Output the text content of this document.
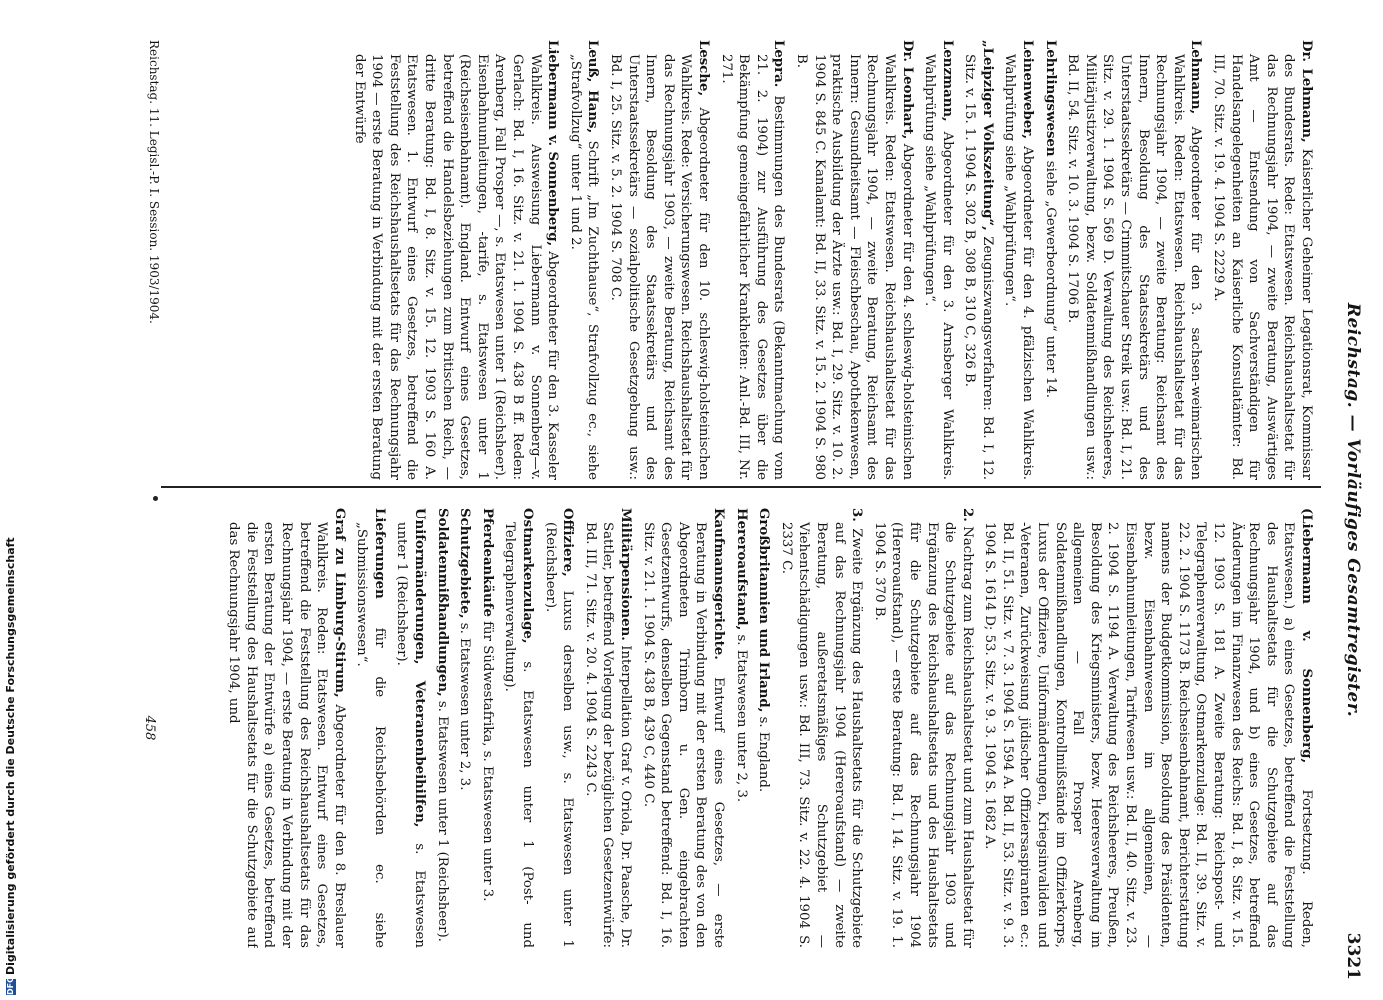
DFGDigitalisierung gefördert durch die Deutsche Forschungsgemeinschaft
Reichstag. — Vorläufiges Gesamtregister.
3321

Dr. Lehmann, Kaiserlicher Geheimer Legationsrat, Kommissar des Bundesrats. Rede: Etatswesen. Reichshaushaltsetat für das Rechnungsjahr 1904, — zweite Beratung, Auswärtiges Amt — Entsendung von Sachverständigen für Handelsangelegenheiten an Kaiserliche Konsulatämter: Bd. III, 70. Sitz. v. 19. 4. 1904 S. 2229 A.

Lehmann, Abgeordneter für den 3. sachsen-weimarischen Wahlkreis. Reden: Etatswesen. Reichshaushaltsetat für das Rechnungsjahr 1904, — zweite Beratung: Reichsamt des Innern, Besoldung des Staatssekretärs und des Unterstaatssekretärs — Crimmitschauer Streik usw.: Bd. I, 21. Sitz. v. 29. 1. 1904 S. 569 D. Verwaltung des Reichsheeres, Militärjustizverwaltung, bezw. Soldatenmißhandlungen usw.: Bd. II, 54. Sitz. v. 10. 3. 1904 S. 1706 B.

Lehrlingswesen siehe „Gewerbeordnung“ unter 14.

Leinenweber, Abgeordneter für den 4. pfälzischen Wahlkreis. Wahlprüfung siehe „Wahlprüfungen“.

„Leipziger Volkszeitung“, Zeugniszwangsverfahren: Bd. I, 12. Sitz. v. 15. 1. 1904 S. 302 B, 308 B, 310 C, 326 B.

Lenzmann, Abgeordneter für den 3. Arnsberger Wahlkreis. Wahlprüfung siehe „Wahlprüfungen“.

Dr. Leonhart, Abgeordneter für den 4. schleswig-holsteinischen Wahlkreis. Reden: Etatswesen. Reichshaushaltsetat für das Rechnungsjahr 1904, — zweite Beratung, Reichsamt des Innern: Gesundheitsamt — Fleischbeschau, Apothekenwesen, praktische Ausbildung der Ärzte usw.: Bd. I, 29. Sitz. v. 10. 2. 1904 S. 845 C. Kanalamt: Bd. II, 33. Sitz. v. 15. 2. 1904 S. 980 B.

Lepra. Bestimmungen des Bundesrats (Bekanntmachung vom 21. 2. 1904) zur Ausführung des Gesetzes über die Bekämpfung gemeingefährlicher Krankheiten: Anl.-Bd. III, Nr. 271.

Lesche, Abgeordneter für den 10. schleswig-holsteinischen Wahlkreis. Rede: Versicherungswesen. Reichshaushaltsetat für das Rechnungsjahr 1903, — zweite Beratung, Reichsamt des Innern, Besoldung des Staatssekretärs und des Unterstaatssekretärs — sozialpolitische Gesetzgebung usw.: Bd. I, 25. Sitz. v. 5. 2. 1904 S. 708 C.

Leuß, Hans, Schrift „Im Zuchthause“, Strafvollzug ec., siehe „Strafvollzug“ unter 1 und 2.

Liebermann v. Sonnenberg, Abgeordneter für den 3. Kasseler Wahlkreis. Ausweisung Liebermann v. Sonnenberg—v. Gerlach: Bd. I, 16. Sitz. v. 21. 1. 1904 S. 438 B ff. Reden: Arenberg, Fall Prosper —, s. Etatswesen unter 1 (Reichsheer). Eisenbahnumleitungen, -tarife, s. Etatswesen unter 1 (Reichseisenbahnamt). England. Entwurf eines Gesetzes, betreffend die Handelsbeziehungen zum Britischen Reich, — dritte Beratung: Bd. I, 8. Sitz. v. 15. 12. 1903 S. 160 A. Etatswesen. 1. Entwurf eines Gesetzes, betreffend die Feststellung des Reichshaushaltsetats für das Rechnungsjahr 1904 — erste Beratung in Verbindung mit der ersten Beratung der Entwürfe

(Liebermann v. Sonnenberg, Fortsetzung. Reden, Etatswesen.) a) eines Gesetzes, betreffend die Feststellung des Haushaltsetats für die Schutzgebiete auf das Rechnungsjahr 1904, und b) eines Gesetzes, betreffend Änderungen im Finanzwesen des Reichs: Bd. I, 8. Sitz. v. 15. 12. 1903 S. 181 A. Zweite Beratung: Reichspost- und Telegraphenverwaltung, Ostmarkenzulage: Bd. II, 39. Sitz. v. 22. 2. 1904 S. 1173 B. Reichseisenbahnamt, Berichterstattung namens der Budgetkommission, Besoldung des Präsidenten, bezw. Eisenbahnwesen im allgemeinen, — Eisenbahnumleitungen, Tarifwesen usw.: Bd. II, 40. Sitz. v. 23. 2. 1904 S. 1194 A. Verwaltung des Reichsheeres, Preußen, Besoldung des Kriegsministers, bezw. Heeresverwaltung im allgemeinen — Fall Prosper Arenberg, Soldatenmißhandlungen, Kontrollmißstände im Offizierkorps, Luxus der Offiziere, Uniformänderungen, Kriegsinvaliden und -Veteranen, Zurückweisung jüdischer Offiziersaspiranten ec.: Bd. II, 51. Sitz. v. 7. 3. 1904 S. 1594 A. Bd. II, 53. Sitz. v. 9. 3. 1904 S. 1614 D; 53. Sitz. v. 9. 3. 1904 S. 1682 A.

2. Nachtrag zum Reichshaushaltsetat und zum Haushaltsetat für die Schutzgebiete auf das Rechnungsjahr 1903 und Ergänzung des Reichshaushaltsetats und des Haushaltsetats für die Schutzgebiete auf das Rechnungsjahr 1904 (Hereroaufstand), — erste Beratung: Bd. I, 14. Sitz. v. 19. 1. 1904 S. 370 B.

3. Zweite Ergänzung des Haushaltsetats für die Schutzgebiete auf das Rechnungsjahr 1904 (Hereroaufstand) — zweite Beratung, außeretatsmäßiges Schutzgebiet — Viehentschädigungen usw.: Bd. III, 73. Sitz. v. 22. 4. 1904 S. 2337 C.

Großbritannien und Irland, s. England.

Hereroaufstand, s. Etatswesen unter 2, 3.

Kaufmannsgerichte. Entwurf eines Gesetzes, — erste Beratung in Verbindung mit der ersten Beratung des von den Abgeordneten Trimborn u. Gen. eingebrachten Gesetzentwurfs, denselben Gegenstand betreffend: Bd. I, 16. Sitz. v. 21. 1. 1904 S. 438 B, 439 C, 440 C.

Militärpensionen. Interpellation Graf v. Oriola, Dr. Paasche, Dr. Sattler, betreffend Vorlegung der bezüglichen Gesetzentwürfe: Bd. III, 71. Sitz. v. 20. 4. 1904 S. 2243 C.

Offiziere, Luxus derselben usw., s. Etatswesen unter 1 (Reichsheer).

Ostmarkenzulage, s. Etatswesen unter 1 (Post- und Telegraphenverwaltung).

Pferdeankäufe für Südwestafrika, s. Etatswesen unter 3.

Schutzgebiete, s. Etatswesen unter 2, 3.

Soldatenmißhandlungen, s. Etatswesen unter 1 (Reichsheer).

Uniformänderungen, Veteranenbeihilfen, s. Etatswesen unter 1 (Reichsheer).

Lieferungen für die Reichsbehörden ec. siehe „Submissionswesen“.

Graf zu Limburg-Stirum, Abgeordneter für den 8. Breslauer Wahlkreis. Reden: Etatswesen. Entwurf eines Gesetzes, betreffend die Feststellung des Reichshaushaltsetats für das Rechnungsjahr 1904, — erste Beratung in Verbindung mit der ersten Beratung der Entwürfe a) eines Gesetzes, betreffend die Feststellung des Haushaltsetats für die Schutzgebiete auf das Rechnungsjahr 1904, und

Reichstag. 11. Legisl.-P. I. Session. 1903/1904.
458
